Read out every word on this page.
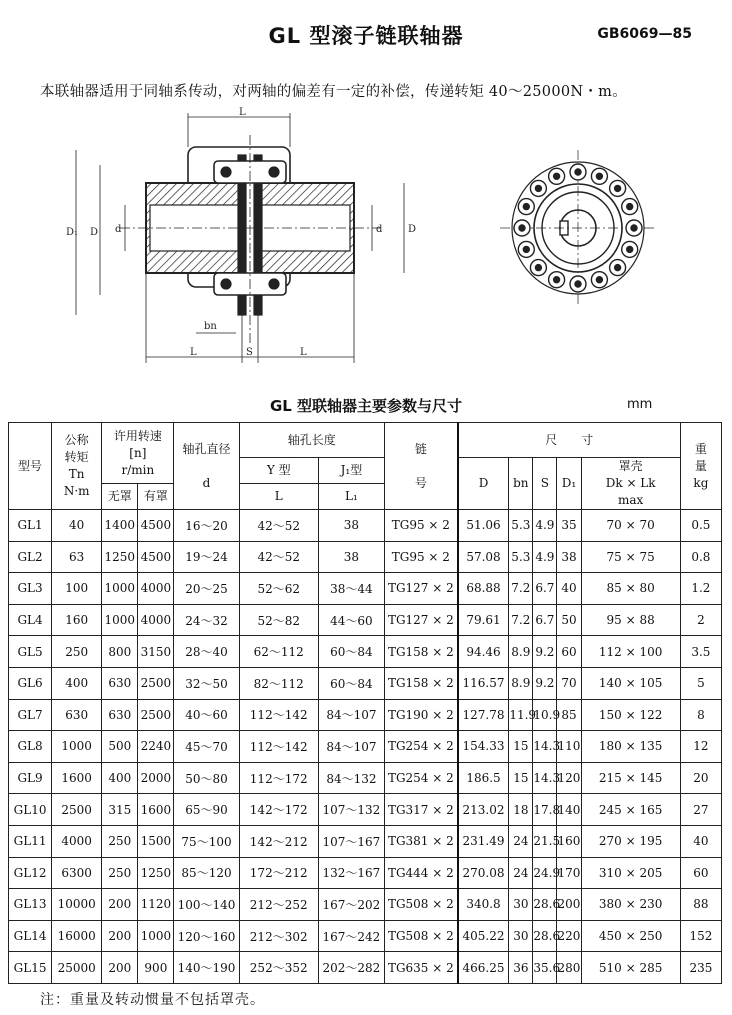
GL 型滚子链联轴器	GB6069—85
本联轴器适用于同轴系传动，对两轴的偏差有一定的补偿，传递转矩 40～25000N・m。
L
D₁ D d	d	D
bn
L	S	L
GL 型联轴器主要参数与尺寸	mm
型号	公称
转矩
Tn
N·m	许用转速
[n]
r/min		轴孔直径

d	轴孔长度		链

号	尺　　寸					重
量
kg
					Y 型	J₁型		D	bn	S	D₁	罩壳
Dk × Lk
max	
		无罩	有罩		L	L₁							
GL1	40	1400	4500	16～20	42～52	38	TG95 × 2	51.06	5.3	4.9	35	70 × 70	0.5
GL2	63	1250	4500	19～24	42～52	38	TG95 × 2	57.08	5.3	4.9	38	75 × 75	0.8
GL3	100	1000	4000	20～25	52～62	38～44	TG127 × 2	68.88	7.2	6.7	40	85 × 80	1.2
GL4	160	1000	4000	24～32	52～82	44～60	TG127 × 2	79.61	7.2	6.7	50	95 × 88	2
GL5	250	800	3150	28～40	62～112	60～84	TG158 × 2	94.46	8.9	9.2	60	112 × 100	3.5
GL6	400	630	2500	32～50	82～112	60～84	TG158 × 2	116.57	8.9	9.2	70	140 × 105	5
GL7	630	630	2500	40～60	112～142	84～107	TG190 × 2	127.78	11.9	10.9	85	150 × 122	8
GL8	1000	500	2240	45～70	112～142	84～107	TG254 × 2	154.33	15	14.3	110	180 × 135	12
GL9	1600	400	2000	50～80	112～172	84～132	TG254 × 2	186.5	15	14.3	120	215 × 145	20
GL10	2500	315	1600	65～90	142～172	107～132	TG317 × 2	213.02	18	17.8	140	245 × 165	27
GL11	4000	250	1500	75～100	142～212	107～167	TG381 × 2	231.49	24	21.5	160	270 × 195	40
GL12	6300	250	1250	85～120	172～212	132～167	TG444 × 2	270.08	24	24.9	170	310 × 205	60
GL13	10000	200	1120	100～140	212～252	167～202	TG508 × 2	340.8	30	28.6	200	380 × 230	88
GL14	16000	200	1000	120～160	212～302	167～242	TG508 × 2	405.22	30	28.6	220	450 × 250	152
GL15	25000	200	900	140～190	252～352	202～282	TG635 × 2	466.25	36	35.6	280	510 × 285	235
注：重量及转动惯量不包括罩壳。
